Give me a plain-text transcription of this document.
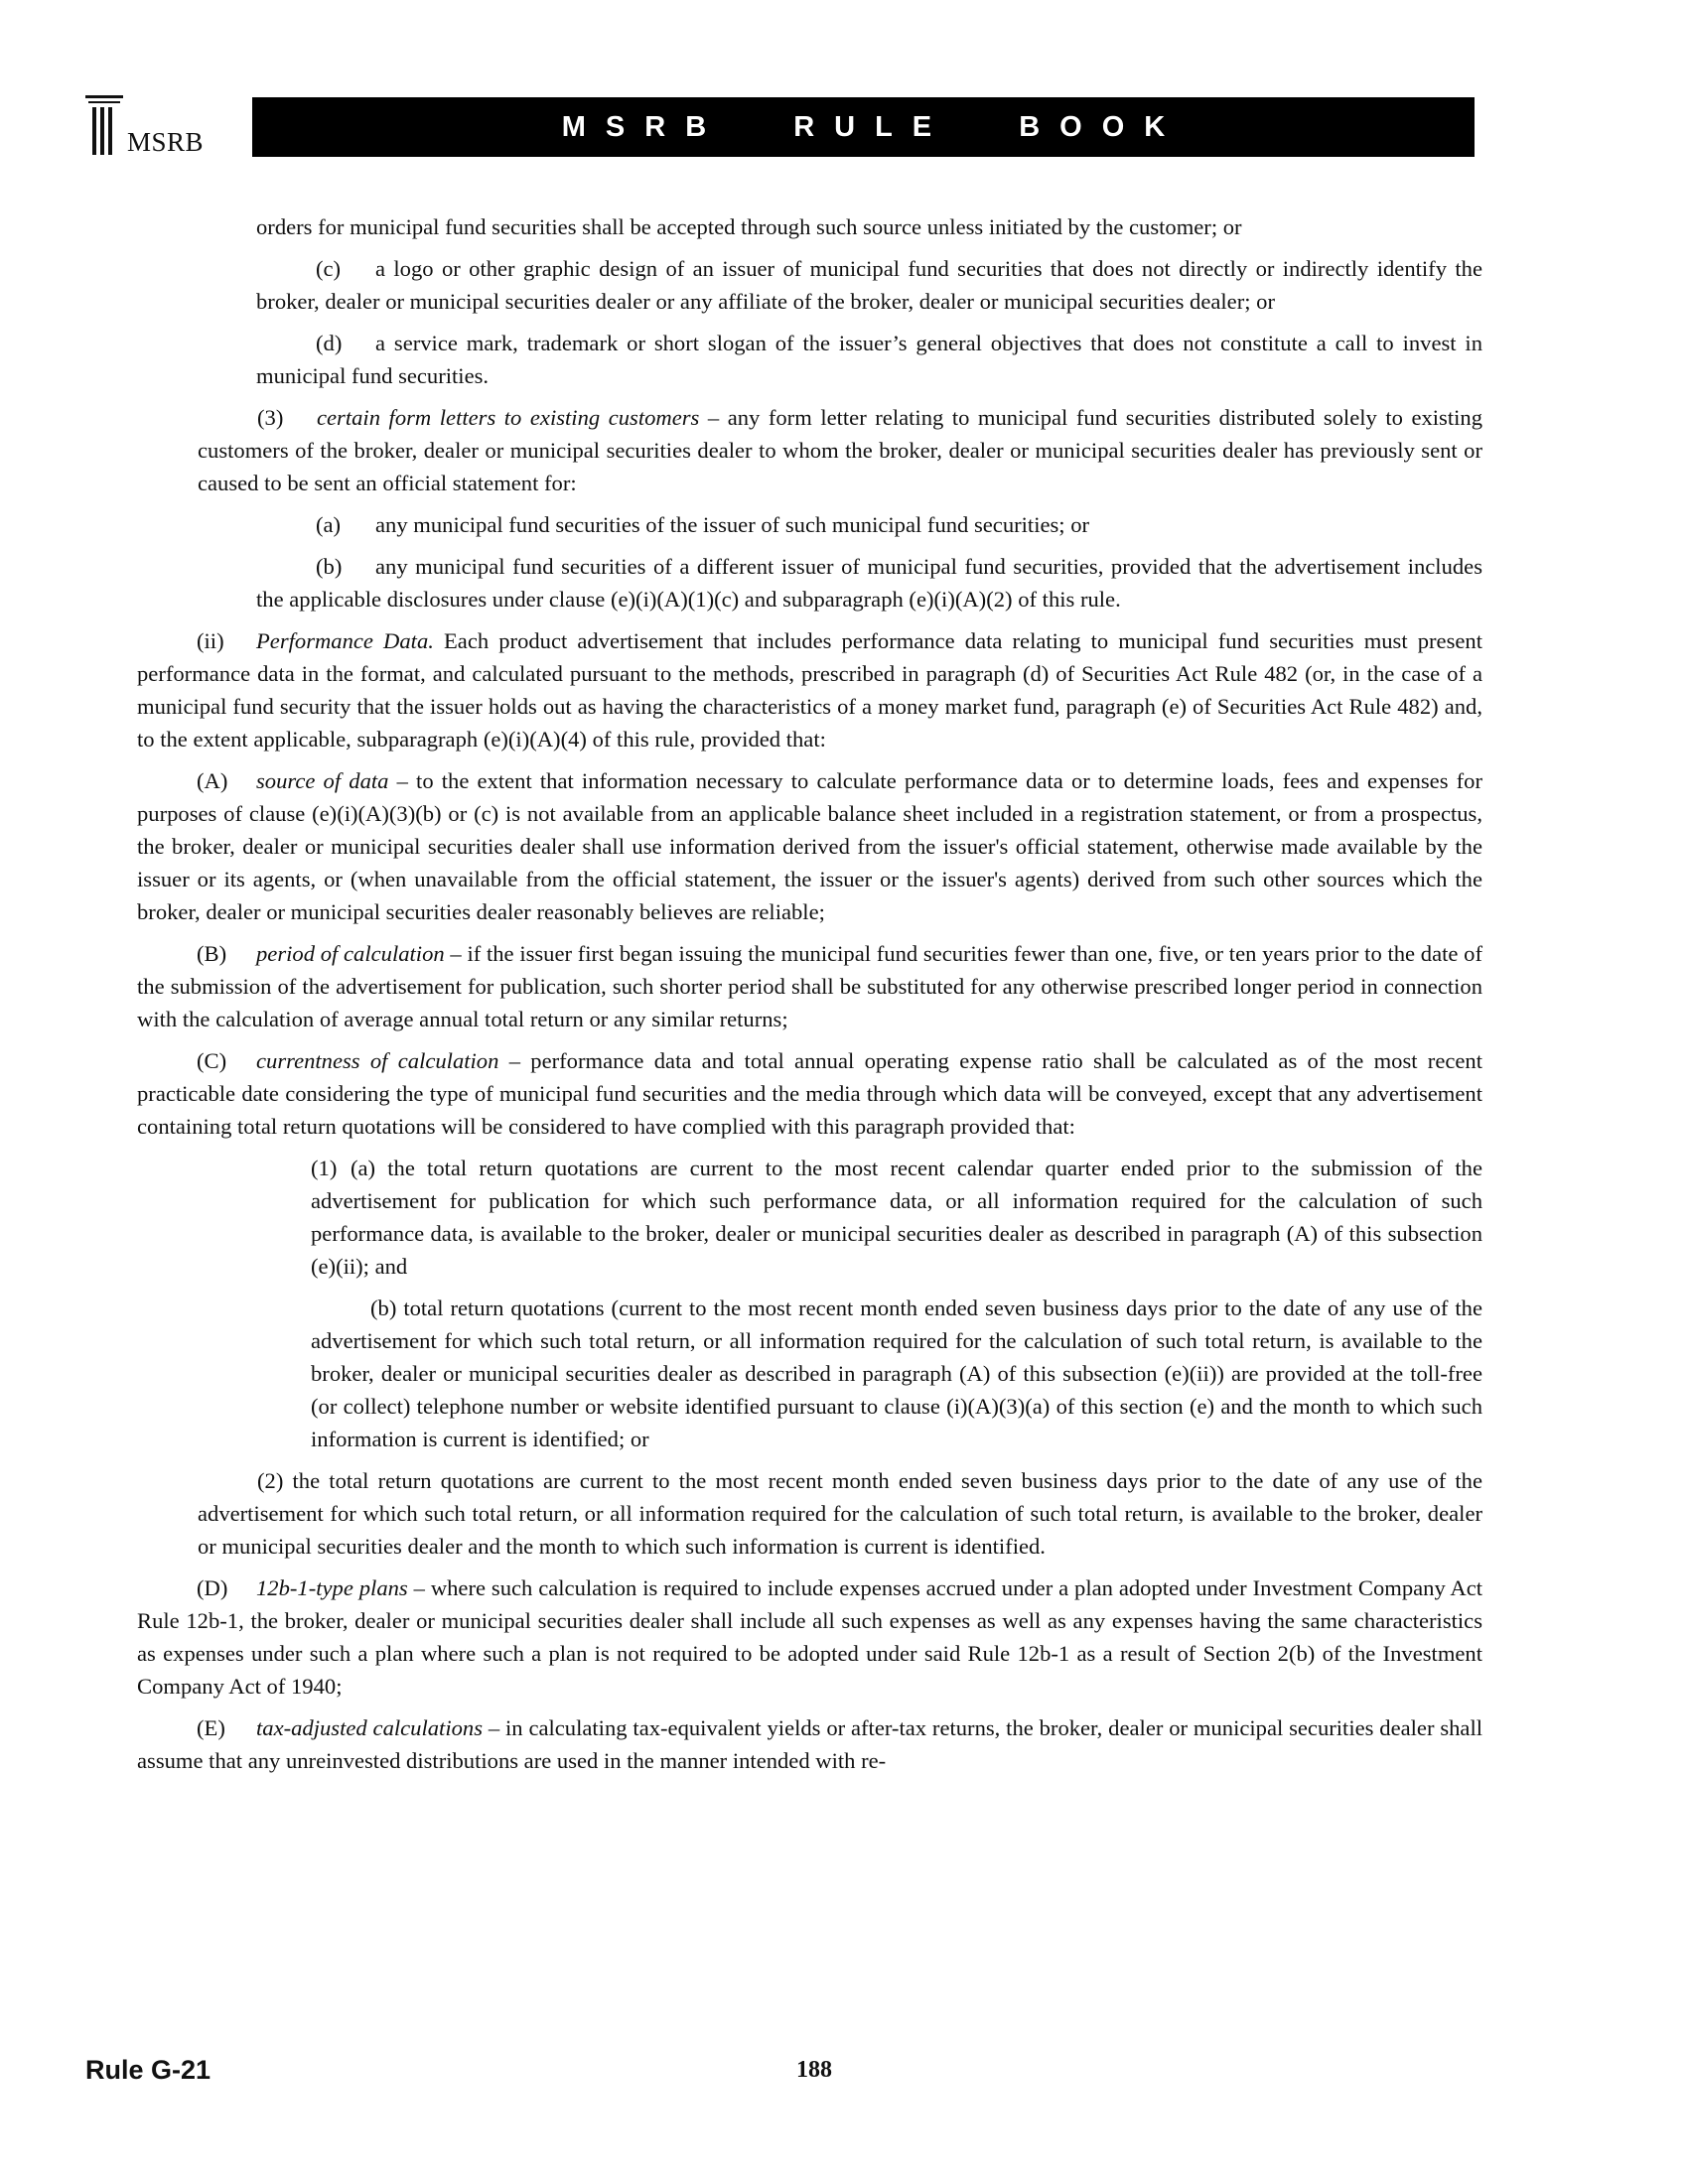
MSRB	MSRB RULE BOOK

orders for municipal fund securities shall be accepted through such source unless initiated by the customer; or

(c) a logo or other graphic design of an issuer of municipal fund securities that does not directly or indirectly identify the broker, dealer or municipal securities dealer or any affiliate of the broker, dealer or municipal securities dealer; or

(d) a service mark, trademark or short slogan of the issuer’s general objectives that does not constitute a call to invest in municipal fund securities.

(3) certain form letters to existing customers – any form letter relating to municipal fund securities distributed solely to existing customers of the broker, dealer or municipal securities dealer to whom the broker, dealer or municipal securities dealer has previously sent or caused to be sent an official statement for:

(a) any municipal fund securities of the issuer of such municipal fund securities; or

(b) any municipal fund securities of a different issuer of municipal fund securities, provided that the advertisement includes the applicable disclosures under clause (e)(i)(A)(1)(c) and subparagraph (e)(i)(A)(2) of this rule.

(ii) Performance Data. Each product advertisement that includes performance data relating to municipal fund securities must present performance data in the format, and calculated pursuant to the methods, prescribed in paragraph (d) of Securities Act Rule 482 (or, in the case of a municipal fund security that the issuer holds out as having the characteristics of a money market fund, paragraph (e) of Securities Act Rule 482) and, to the extent applicable, subparagraph (e)(i)(A)(4) of this rule, provided that:

(A) source of data – to the extent that information necessary to calculate performance data or to determine loads, fees and expenses for purposes of clause (e)(i)(A)(3)(b) or (c) is not available from an applicable balance sheet included in a registration statement, or from a prospectus, the broker, dealer or municipal securities dealer shall use information derived from the issuer's official statement, otherwise made available by the issuer or its agents, or (when unavailable from the official statement, the issuer or the issuer's agents) derived from such other sources which the broker, dealer or municipal securities dealer reasonably believes are reliable;

(B) period of calculation – if the issuer first began issuing the municipal fund securities fewer than one, five, or ten years prior to the date of the submission of the advertisement for publication, such shorter period shall be substituted for any otherwise prescribed longer period in connection with the calculation of average annual total return or any similar returns;

(C) currentness of calculation – performance data and total annual operating expense ratio shall be calculated as of the most recent practicable date considering the type of municipal fund securities and the media through which data will be conveyed, except that any advertisement containing total return quotations will be considered to have complied with this paragraph provided that:

(1) (a) the total return quotations are current to the most recent calendar quarter ended prior to the submission of the advertisement for publication for which such performance data, or all information required for the calculation of such performance data, is available to the broker, dealer or municipal securities dealer as described in paragraph (A) of this subsection (e)(ii); and

(b) total return quotations (current to the most recent month ended seven business days prior to the date of any use of the advertisement for which such total return, or all information required for the calculation of such total return, is available to the broker, dealer or municipal securities dealer as described in paragraph (A) of this subsection (e)(ii)) are provided at the toll-free (or collect) telephone number or website identified pursuant to clause (i)(A)(3)(a) of this section (e) and the month to which such information is current is identified; or

(2) the total return quotations are current to the most recent month ended seven business days prior to the date of any use of the advertisement for which such total return, or all information required for the calculation of such total return, is available to the broker, dealer or municipal securities dealer and the month to which such information is current is identified.

(D) 12b-1-type plans – where such calculation is required to include expenses accrued under a plan adopted under Investment Company Act Rule 12b-1, the broker, dealer or municipal securities dealer shall include all such expenses as well as any expenses having the same characteristics as expenses under such a plan where such a plan is not required to be adopted under said Rule 12b-1 as a result of Section 2(b) of the Investment Company Act of 1940;

(E) tax-adjusted calculations – in calculating tax-equivalent yields or after-tax returns, the broker, dealer or municipal securities dealer shall assume that any unreinvested distributions are used in the manner intended with re-

Rule G-21	188
